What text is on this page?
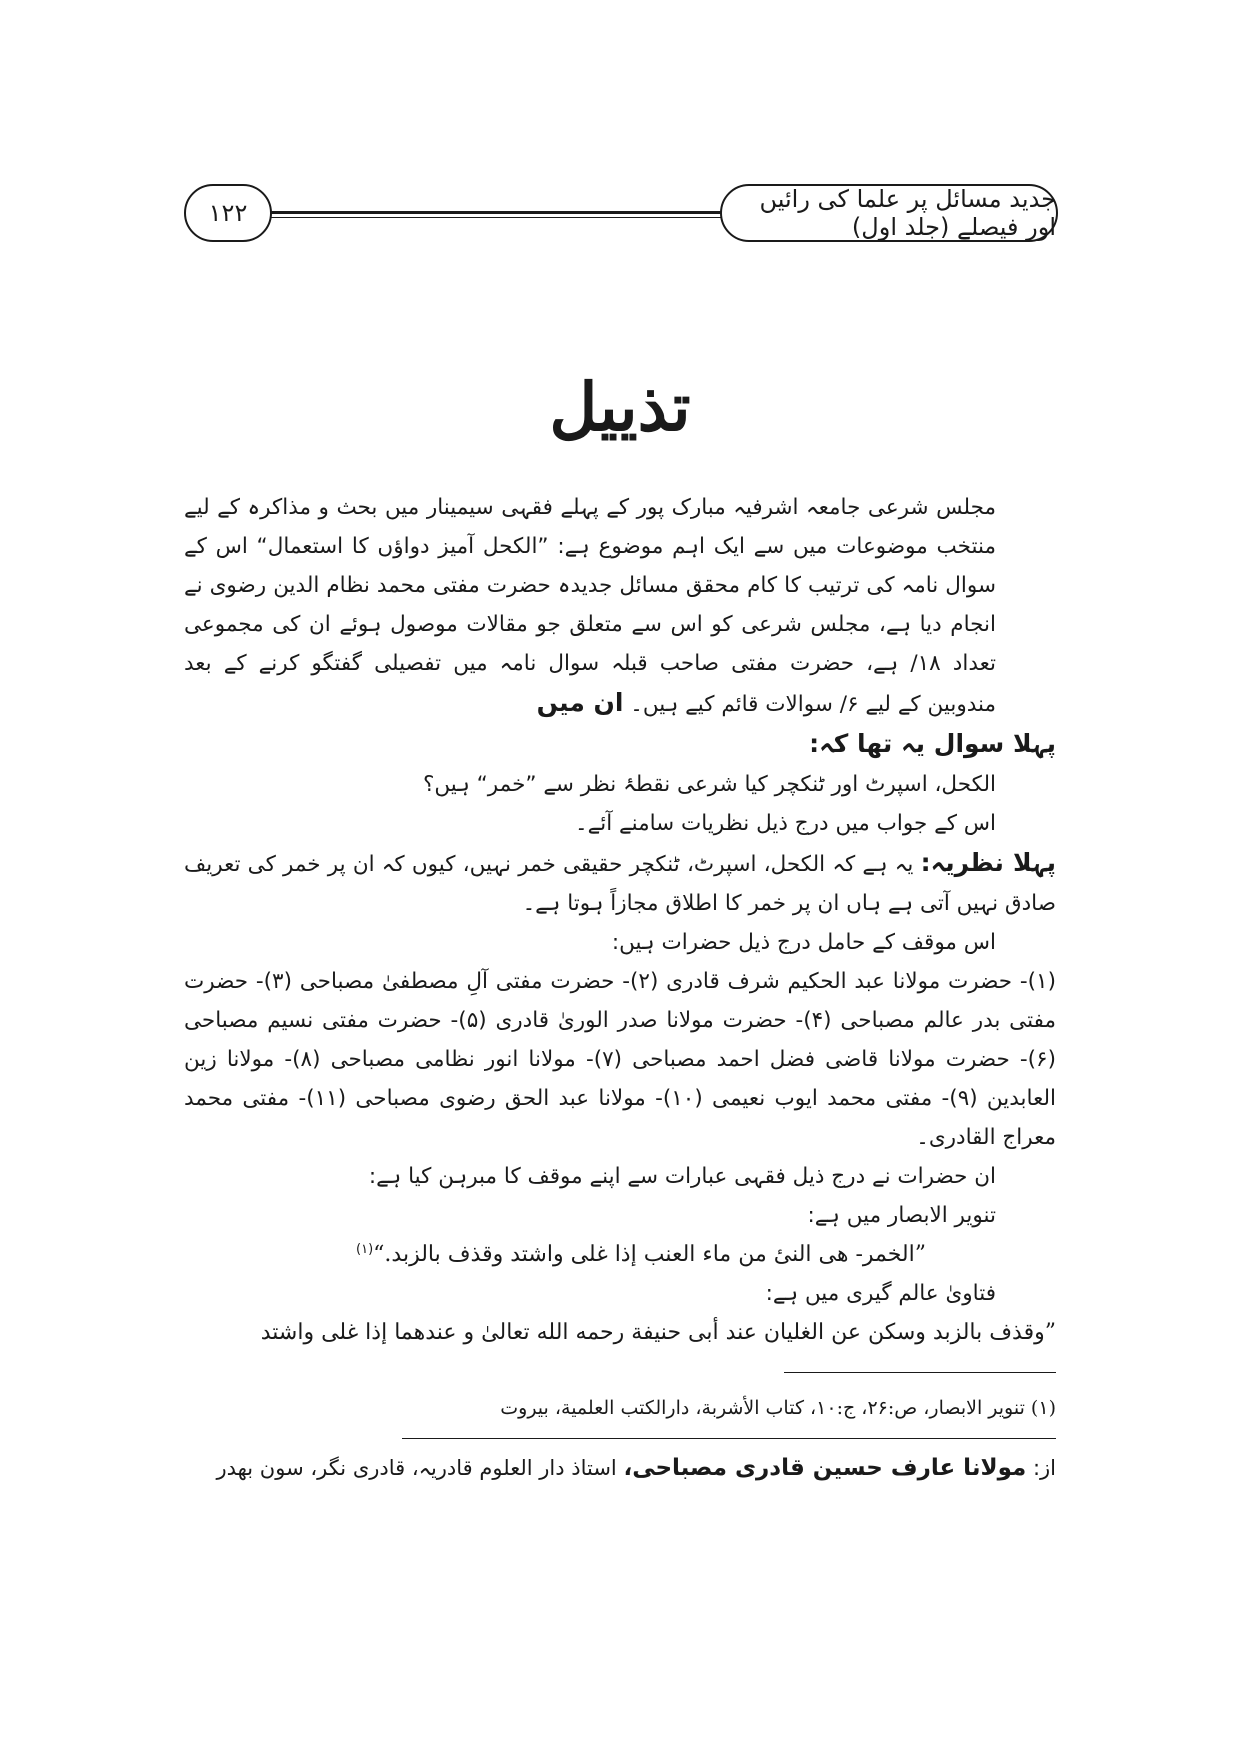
جدید مسائل پر علما کی رائیں اور فیصلے (جلد اول)
۱۲۲
تذییل

مجلس شرعی جامعہ اشرفیہ مبارک پور کے پہلے فقہی سیمینار میں بحث و مذاکرہ کے لیے منتخب موضوعات میں سے ایک اہم موضوع ہے: ”الکحل آمیز دواؤں کا استعمال“ اس کے سوال نامہ کی ترتیب کا کام محقق مسائل جدیدہ حضرت مفتی محمد نظام الدین رضوی نے انجام دیا ہے، مجلس شرعی کو اس سے متعلق جو مقالات موصول ہوئے ان کی مجموعی تعداد ۱۸/ ہے، حضرت مفتی صاحب قبلہ سوال نامہ میں تفصیلی گفتگو کرنے کے بعد مندوبین کے لیے ۶/ سوالات قائم کیے ہیں۔ ان میں

پہلا سوال یہ تھا کہ:

الکحل، اسپرٹ اور ٹنکچر کیا شرعی نقطۂ نظر سے ”خمر“ ہیں؟

اس کے جواب میں درج ذیل نظریات سامنے آئے۔

پہلا نظریہ: یہ ہے کہ الکحل، اسپرٹ، ٹنکچر حقیقی خمر نہیں، کیوں کہ ان پر خمر کی تعریف صادق نہیں آتی ہے ہاں ان پر خمر کا اطلاق مجازاً ہوتا ہے۔

اس موقف کے حامل درج ذیل حضرات ہیں:

(۱)- حضرت مولانا عبد الحکیم شرف قادری (۲)- حضرت مفتی آلِ مصطفیٰ مصباحی (۳)- حضرت مفتی بدر عالم مصباحی (۴)- حضرت مولانا صدر الوریٰ قادری (۵)- حضرت مفتی نسیم مصباحی (۶)- حضرت مولانا قاضی فضل احمد مصباحی (۷)- مولانا انور نظامی مصباحی (۸)- مولانا زین العابدین (۹)- مفتی محمد ایوب نعیمی (۱۰)- مولانا عبد الحق رضوی مصباحی (۱۱)- مفتی محمد معراج القادری۔

ان حضرات نے درج ذیل فقہی عبارات سے اپنے موقف کا مبرہن کیا ہے:

تنویر الابصار میں ہے:

”الخمر- هی النیٔ من ماء العنب إذا غلی واشتد وقذف بالزبد.“$^{(۱)}$

فتاویٰ عالم گیری میں ہے:

”وقذف بالزبد وسکن عن الغلیان عند أبی حنیفة رحمه الله تعالیٰ و عندهما إذا غلی واشتد

(۱) تنویر الابصار، ص:۲۶، ج:۱۰، کتاب الأشربة، دارالکتب العلمیة، بیروت
از: مولانا عارف حسین قادری مصباحی، استاذ دار العلوم قادریہ، قادری نگر، سون بھدر
